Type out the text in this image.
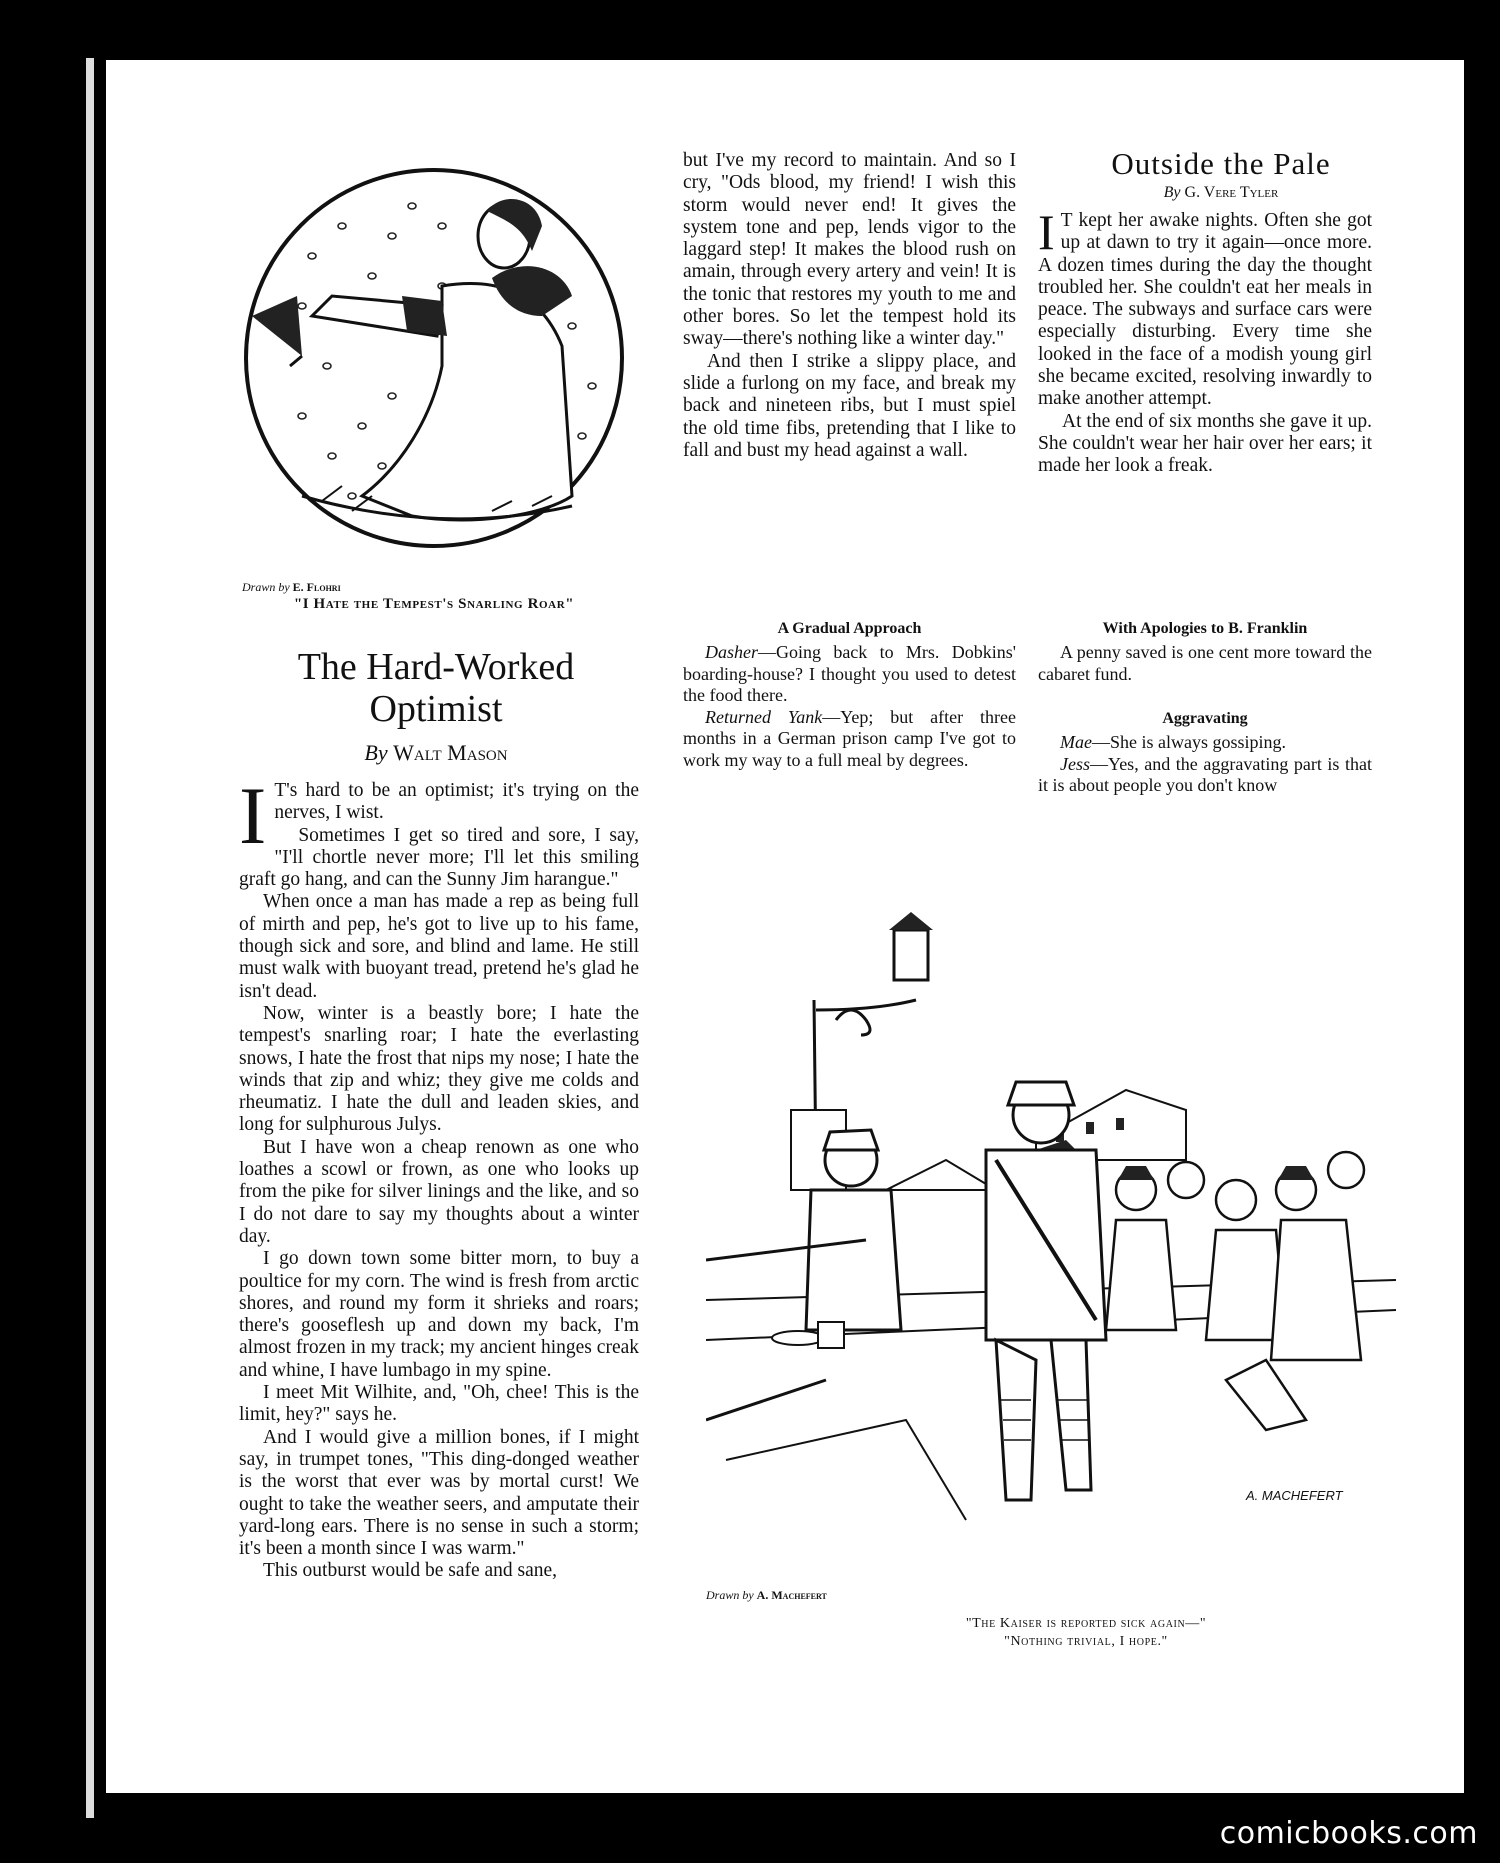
Drawn by E. Flohri
"I Hate the Tempest's Snarling Roar"
The Hard-Worked
Optimist
By Walt Mason

I T's hard to be an optimist; it's trying on the nerves, I wist.

Sometimes I get so tired and sore, I say, "I'll chortle never more; I'll let this smiling graft go hang, and can the Sunny Jim harangue."

When once a man has made a rep as being full of mirth and pep, he's got to live up to his fame, though sick and sore, and blind and lame. He still must walk with buoyant tread, pretend he's glad he isn't dead.

Now, winter is a beastly bore; I hate the tempest's snarling roar; I hate the everlasting snows, I hate the frost that nips my nose; I hate the winds that zip and whiz; they give me colds and rheumatiz. I hate the dull and leaden skies, and long for sulphurous Julys.

But I have won a cheap renown as one who loathes a scowl or frown, as one who looks up from the pike for silver linings and the like, and so I do not dare to say my thoughts about a winter day.

I go down town some bitter morn, to buy a poultice for my corn. The wind is fresh from arctic shores, and round my form it shrieks and roars; there's gooseflesh up and down my back, I'm almost frozen in my track; my ancient hinges creak and whine, I have lumbago in my spine.

I meet Mit Wilhite, and, "Oh, chee! This is the limit, hey?" says he.

And I would give a million bones, if I might say, in trumpet tones, "This ding-donged weather is the worst that ever was by mortal curst! We ought to take the weather seers, and amputate their yard-long ears. There is no sense in such a storm; it's been a month since I was warm."

This outburst would be safe and sane,

but I've my record to maintain. And so I cry, "Ods blood, my friend! I wish this storm would never end! It gives the system tone and pep, lends vigor to the laggard step! It makes the blood rush on amain, through every artery and vein! It is the tonic that restores my youth to me and other bores. So let the tempest hold its sway—there's nothing like a winter day."

And then I strike a slippy place, and slide a furlong on my face, and break my back and nineteen ribs, but I must spiel the old time fibs, pretending that I like to fall and bust my head against a wall.

A Gradual Approach

Dasher—Going back to Mrs. Dobkins' boarding-house? I thought you used to detest the food there.

Returned Yank—Yep; but after three months in a German prison camp I've got to work my way to a full meal by degrees.

Outside the Pale
By G. Vere Tyler

I T kept her awake nights. Often she got up at dawn to try it again—once more. A dozen times during the day the thought troubled her. She couldn't eat her meals in peace. The subways and surface cars were especially disturbing. Every time she looked in the face of a modish young girl she became excited, resolving inwardly to make another attempt.

At the end of six months she gave it up. She couldn't wear her hair over her ears; it made her look a freak.

With Apologies to B. Franklin

A penny saved is one cent more toward the cabaret fund.

Aggravating

Mae—She is always gossiping.

Jess—Yes, and the aggravating part is that it is about people you don't know

A. MACHEFERT
Drawn by A. Machefert
"The Kaiser is reported sick again—"
"Nothing trivial, I hope."
comicbooks.com
